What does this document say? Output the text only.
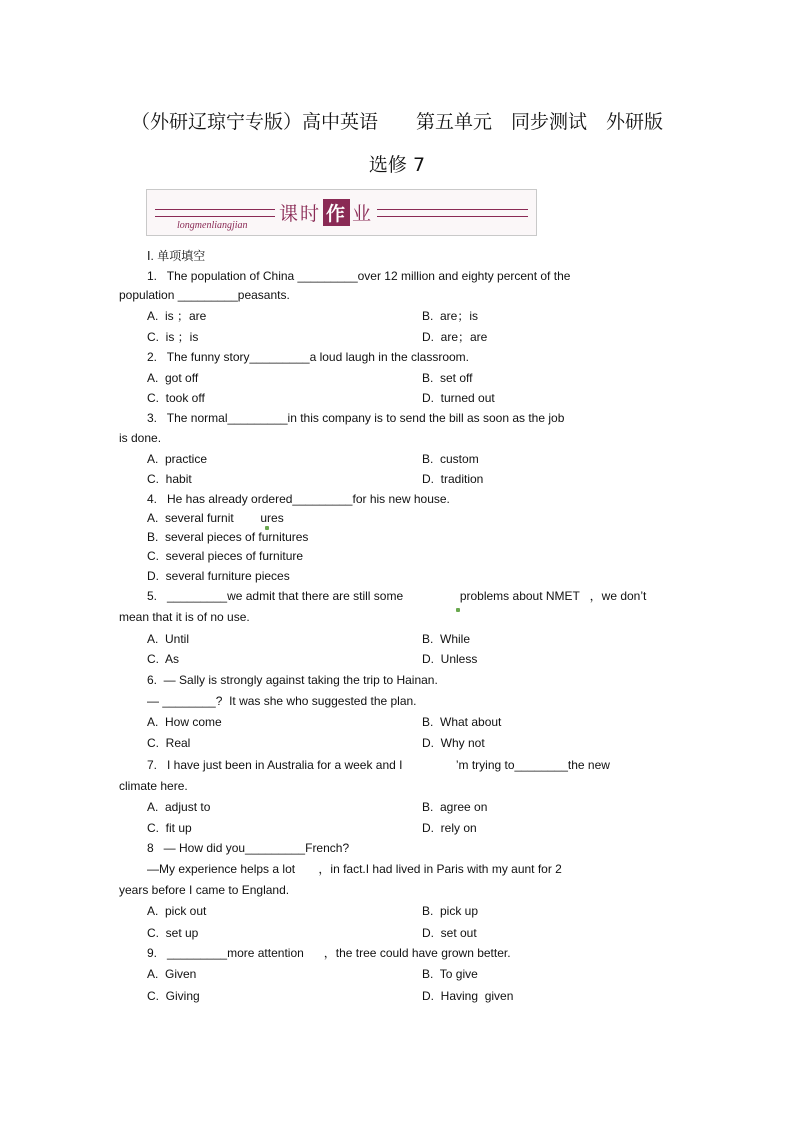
（外研辽琼宁专版）高中英语　　第五单元　同步测试　外研版
选修 7
课时 作 业
longmenliangjian
Ⅰ. 单项填空
1.   The population of China _________over 12 million and eighty percent of the
population _________peasants.
A.  is ；are	B.  are；is
C.  is ；is	D.  are；are
2.   The funny story_________a loud laugh in the classroom.
A.  got off	B.  set off
C.  took off	D.  turned out
3.   The normal_________in this company is to send the bill as soon as the job
is done.
A.  practice	B.  custom
C.  habit	D.  tradition
4.   He has already ordered_________for his new house.
A.  several furnit        ures
B.  several pieces of furnitures
C.  several pieces of furniture
D.  several furniture pieces
5.   _________we admit that there are still some                 problems about NMET   ，we don’t
mean that it is of no use.
A.  Until	B.  While
C.  As	D.  Unless
6.  — Sally is strongly against taking the trip to Hainan.
— ________?  It was she who suggested the plan.
A.  How come	B.  What about
C.  Real	D.  Why not
7.   I have just been in Australia for a week and I                ’m trying to________the new
climate here.
A.  adjust to	B.  agree on
C.  fit up	D.  rely on
8   — How did you_________French?
—My experience helps a lot       ，in fact.I had lived in Paris with my aunt for 2
years before I came to England.
A.  pick out	B.  pick up
C.  set up	D.  set out
9.   _________more attention      ，the tree could have grown better.
A.  Given	B.  To give
C.  Giving	D.  Having  given
